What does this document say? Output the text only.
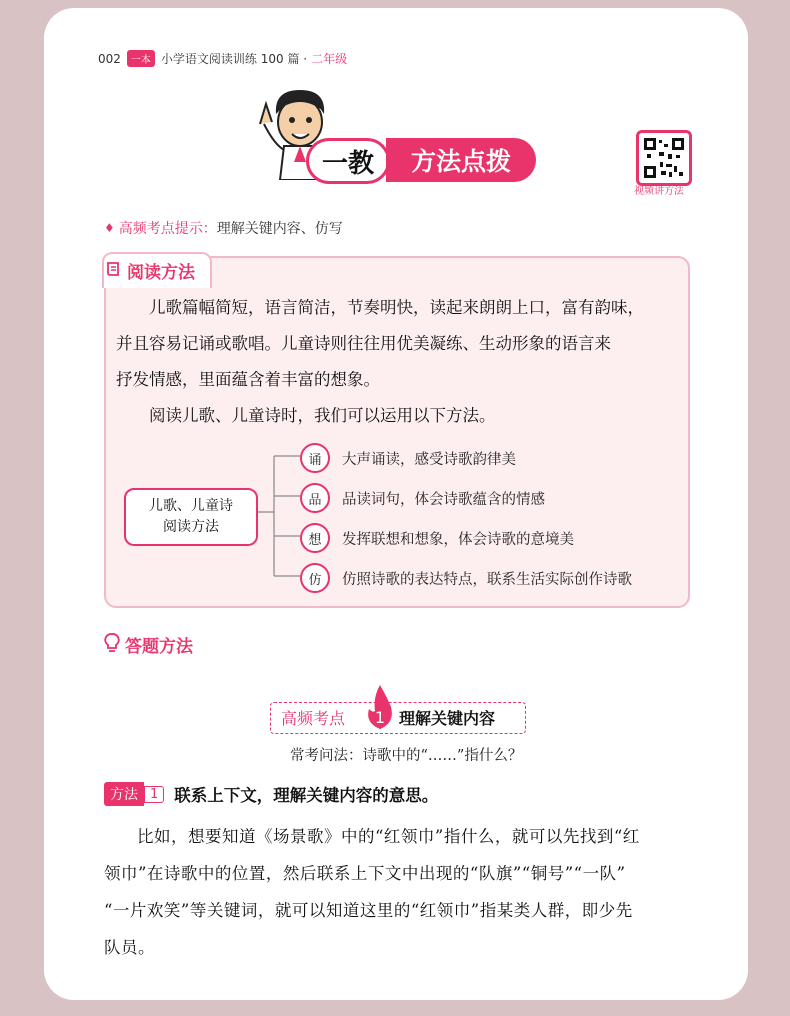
002	一本 小学语文阅读训练 100 篇 · 二年级
一教	方法点拨
视频讲方法
♦ 高频考点提示： 理解关键内容、仿写
阅读方法
儿歌篇幅简短，语言简洁，节奏明快，读起来朗朗上口，富有韵味，
并且容易记诵或歌唱。儿童诗则往往用优美凝练、生动形象的语言来
抒发情感，里面蕴含着丰富的想象。
阅读儿歌、儿童诗时，我们可以运用以下方法。
儿歌、儿童诗
阅读方法
诵	大声诵读，感受诗歌韵律美
品	品读词句，体会诗歌蕴含的情感
想	发挥联想和想象，体会诗歌的意境美
仿	仿照诗歌的表达特点，联系生活实际创作诗歌
答题方法
高频考点 1 理解关键内容
常考问法：诗歌中的“……”指什么？
方法 1 联系上下文，理解关键内容的意思。
比如，想要知道《场景歌》中的“红领巾”指什么，就可以先找到“红
领巾”在诗歌中的位置，然后联系上下文中出现的“队旗”“铜号”“一队”
“一片欢笑”等关键词，就可以知道这里的“红领巾”指某类人群，即少先
队员。
